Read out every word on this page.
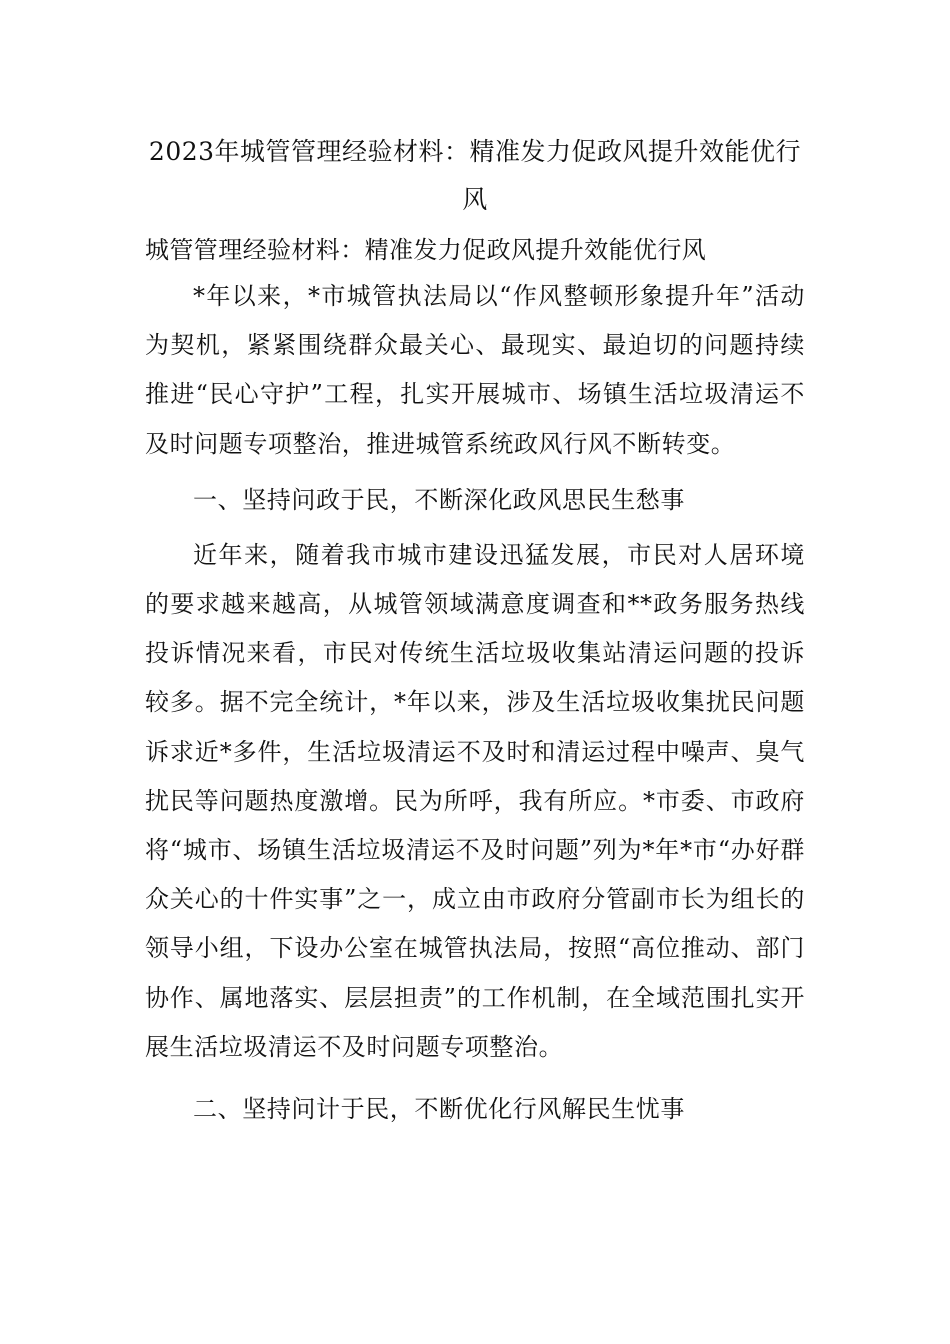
2023年城管管理经验材料：精准发力促政风提升效能优行风

城管管理经验材料：精准发力促政风提升效能优行风

*年以来，*市城管执法局以“作风整顿形象提升年”活动为契机，紧紧围绕群众最关心、最现实、最迫切的问题持续推进“民心守护”工程，扎实开展城市、场镇生活垃圾清运不及时问题专项整治，推进城管系统政风行风不断转变。

一、坚持问政于民，不断深化政风思民生愁事

近年来，随着我市城市建设迅猛发展，市民对人居环境的要求越来越高，从城管领域满意度调查和**政务服务热线投诉情况来看，市民对传统生活垃圾收集站清运问题的投诉较多。据不完全统计，*年以来，涉及生活垃圾收集扰民问题诉求近*多件，生活垃圾清运不及时和清运过程中噪声、臭气扰民等问题热度激增。民为所呼，我有所应。*市委、市政府将“城市、场镇生活垃圾清运不及时问题”列为*年*市“办好群众关心的十件实事”之一，成立由市政府分管副市长为组长的领导小组，下设办公室在城管执法局，按照“高位推动、部门协作、属地落实、层层担责”的工作机制，在全域范围扎实开展生活垃圾清运不及时问题专项整治。

二、坚持问计于民，不断优化行风解民生忧事
